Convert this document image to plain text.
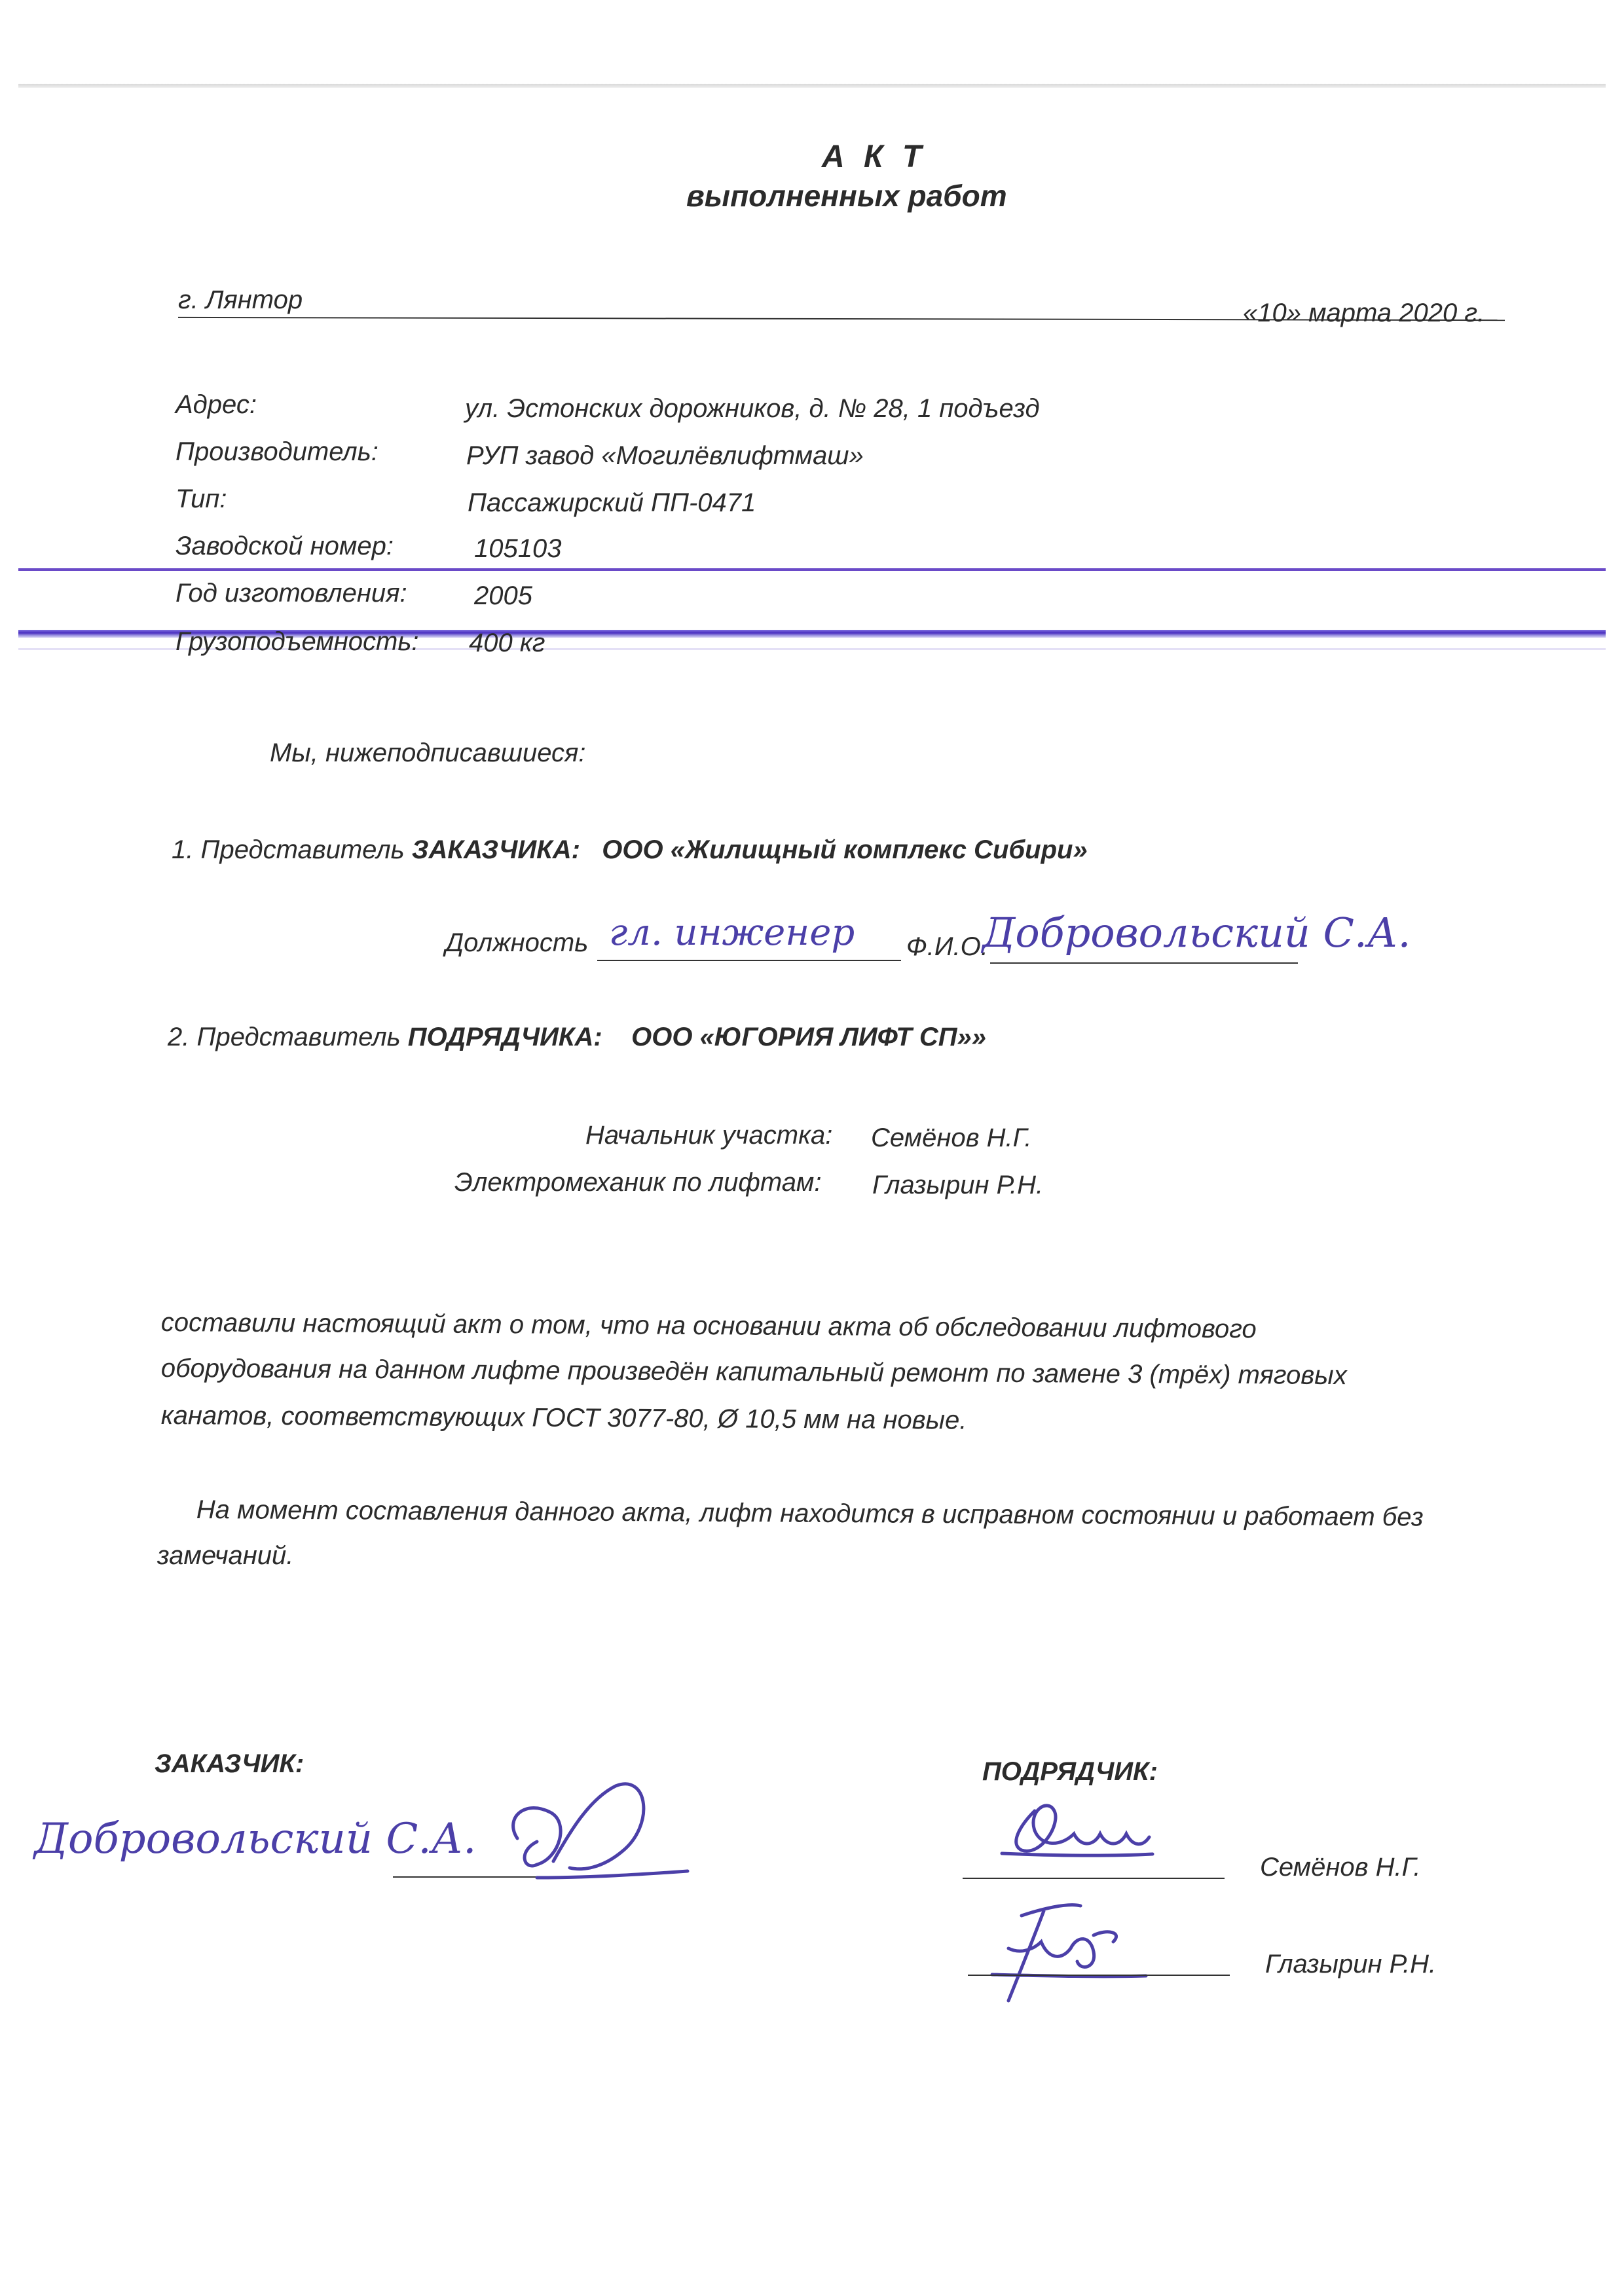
А К Т
выполненных работ
г. Лянтор	«10» марта 2020 г.
Адрес:	ул. Эстонских дорожников, д. № 28, 1 подъезд
Производитель:	РУП завод «Могилёвлифтмаш»
Тип:	Пассажирский ПП-0471
Заводской номер:	105103
Год изготовления:	2005
Грузоподъемность: 400 кг
Мы, нижеподписавшиеся:
1. Представитель ЗАКАЗЧИКА: ООО «Жилищный комплекс Сибири»
Должность гл. инженер Ф.И.О.
Добровольский С.А.
2. Представитель ПОДРЯДЧИКА: ООО «ЮГОРИЯ ЛИФТ СП»»
Начальник участка: Семёнов Н.Г.
Электромеханик по лифтам: Глазырин Р.Н.
составили настоящий акт о том, что на основании акта об обследовании лифтового
оборудования на данном лифте произведён капитальный ремонт по замене 3 (трёх) тяговых
канатов, соответствующих ГОСТ 3077-80, Ø 10,5 мм на новые.
На момент составления данного акта, лифт находится в исправном состоянии и работает без
замечаний.
ЗАКАЗЧИК:
Добровольский С.А.
ПОДРЯДЧИК:
Семёнов Н.Г.
Глазырин Р.Н.
